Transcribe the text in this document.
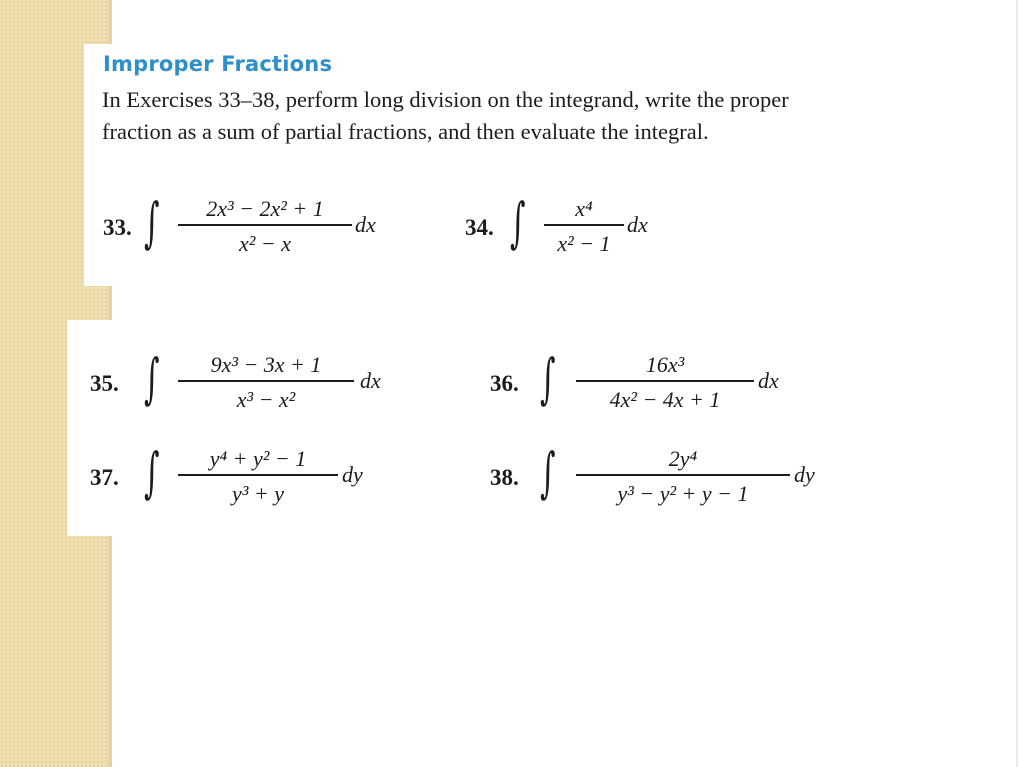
Improper Fractions
In Exercises 33–38, perform long division on the integrand, write the proper fraction as a sum of partial fractions, and then evaluate the integral.
33. ∫	2x³ − 2x² + 1
x² − x
dx	34. ∫	x⁴
x² − 1
dx
35. ∫	9x³ − 3x + 1
x³ − x²
dx	36. ∫	16x³
4x² − 4x + 1
dx
37. ∫	y⁴ + y² − 1
y³ + y
dy	38. ∫	2y⁴
y³ − y² + y − 1
dy
